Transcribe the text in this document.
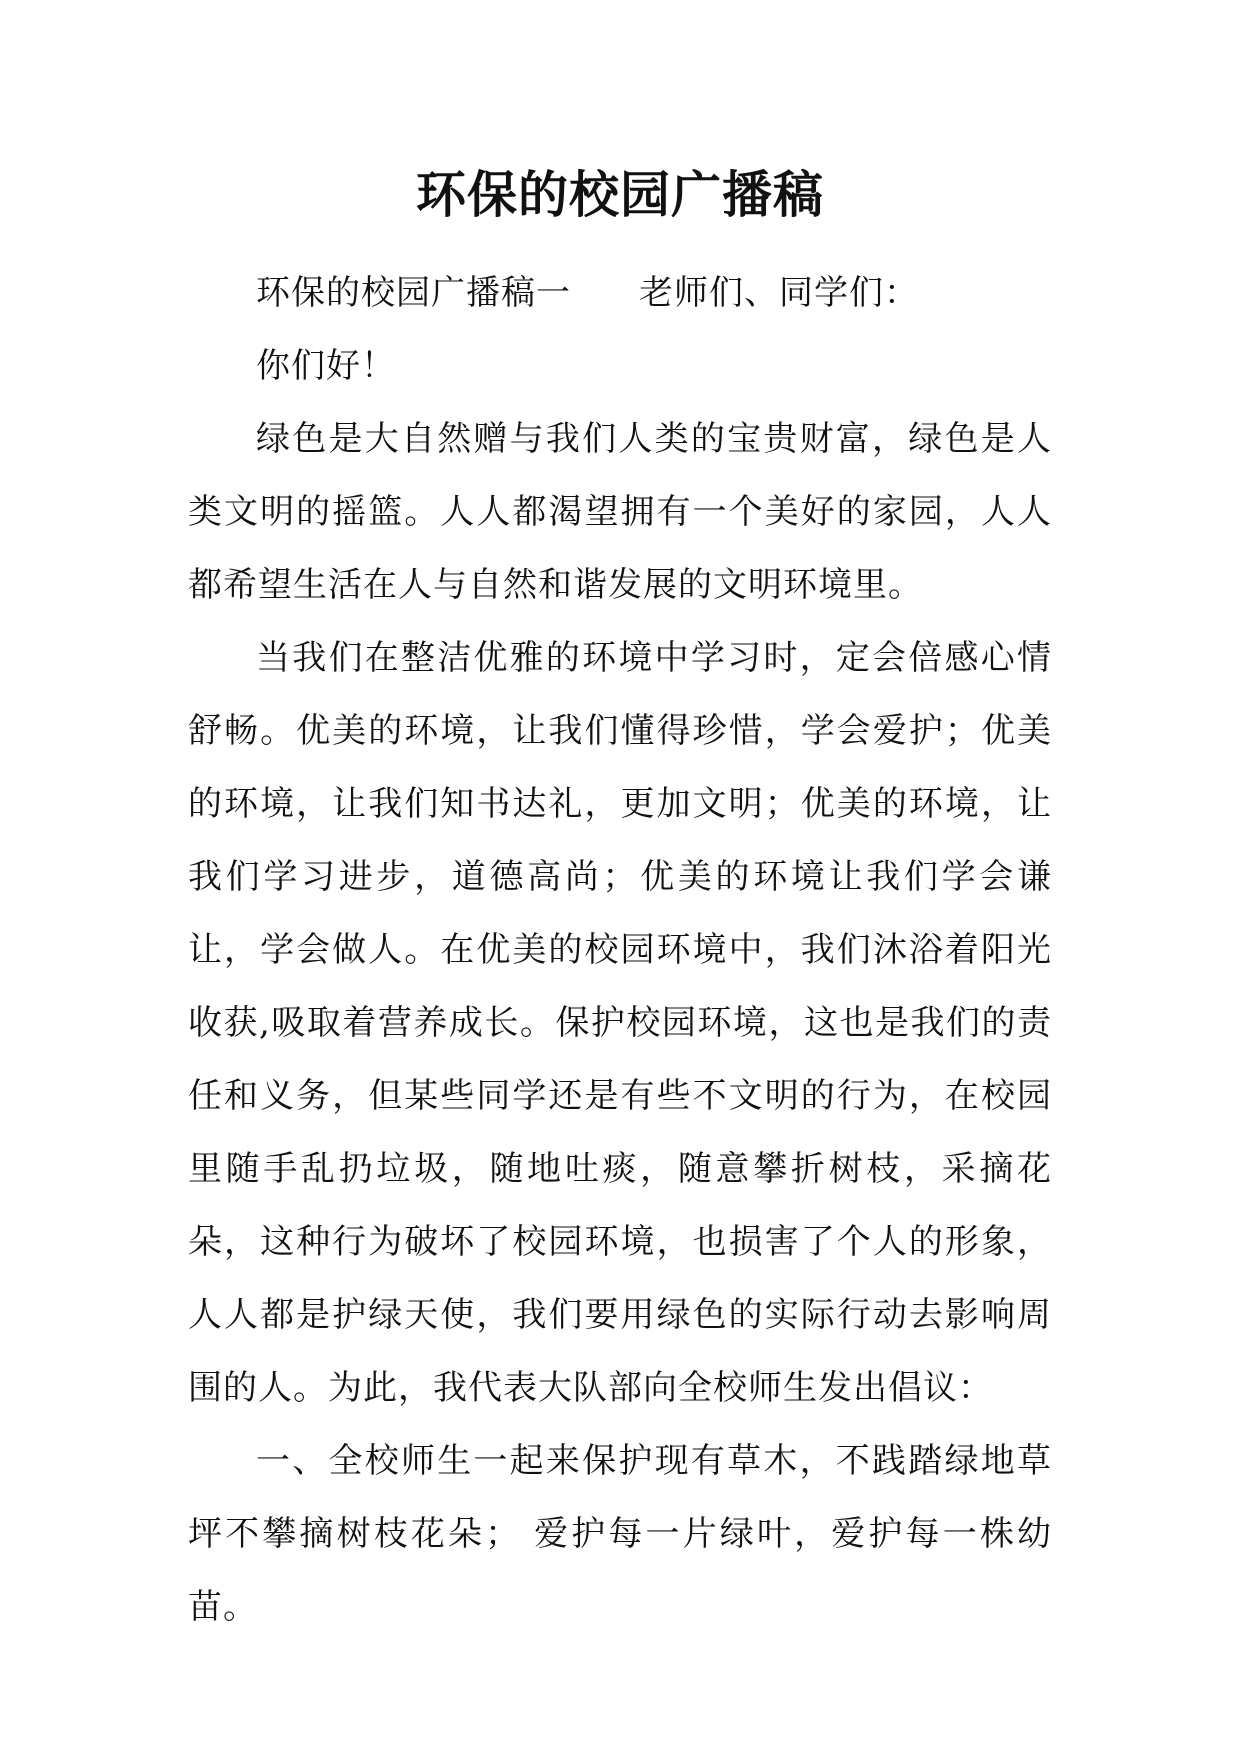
环保的校园广播稿

环保的校园广播稿一 老师们、同学们：

你们好！

绿色是大自然赠与我们人类的宝贵财富，绿色是人类文明的摇篮。人人都渴望拥有一个美好的家园，人人都希望生活在人与自然和谐发展的文明环境里。

当我们在整洁优雅的环境中学习时，定会倍感心情舒畅。优美的环境，让我们懂得珍惜，学会爱护；优美的环境，让我们知书达礼，更加文明；优美的环境，让我们学习进步，道德高尚；优美的环境让我们学会谦让，学会做人。在优美的校园环境中，我们沐浴着阳光收获,吸取着营养成长。保护校园环境，这也是我们的责任和义务，但某些同学还是有些不文明的行为，在校园里随手乱扔垃圾，随地吐痰，随意攀折树枝，采摘花朵，这种行为破坏了校园环境，也损害了个人的形象，人人都是护绿天使，我们要用绿色的实际行动去影响周围的人。为此，我代表大队部向全校师生发出倡议：

一、全校师生一起来保护现有草木，不践踏绿地草坪不攀摘树枝花朵； 爱护每一片绿叶，爱护每一株幼苗。
